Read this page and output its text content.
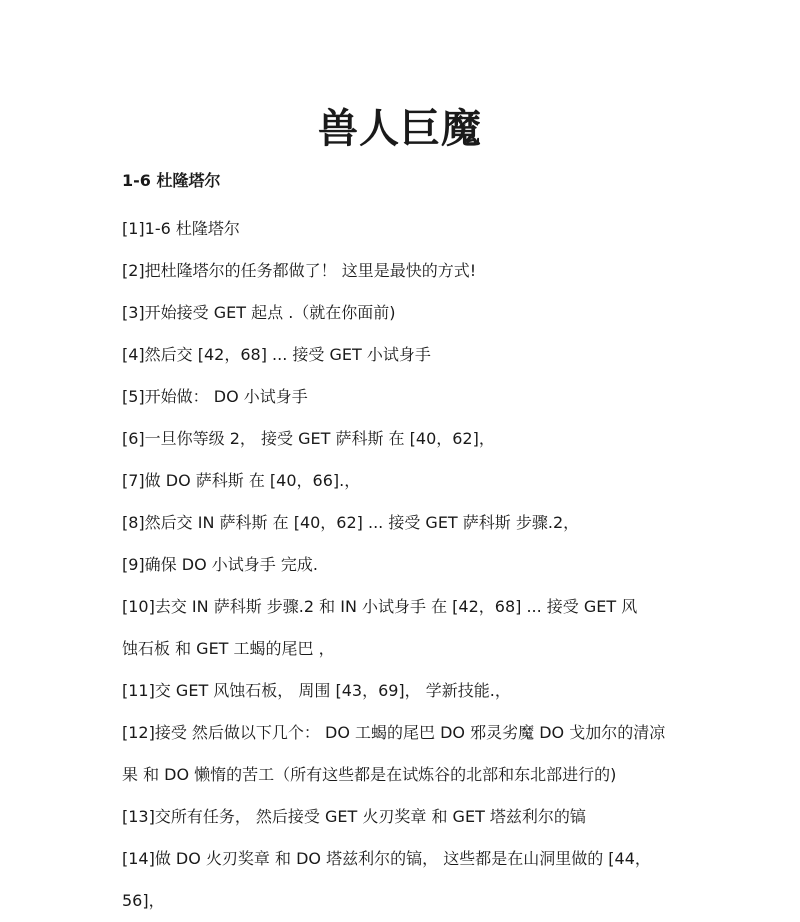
兽人巨魔
1-6 杜隆塔尔
[1]1-6 杜隆塔尔
[2]把杜隆塔尔的任务都做了！ 这里是最快的方式!
[3]开始接受 GET 起点 .（就在你面前)
[4]然后交 [42，68] ... 接受 GET 小试身手
[5]开始做： DO 小试身手
[6]一旦你等级 2， 接受 GET 萨科斯 在 [40，62]，
[7]做 DO 萨科斯 在 [40，66].，
[8]然后交 IN 萨科斯 在 [40，62] ... 接受 GET 萨科斯 步骤.2，
[9]确保 DO 小试身手 完成.
[10]去交 IN 萨科斯 步骤.2 和 IN 小试身手 在 [42，68] ... 接受 GET 风
蚀石板 和 GET 工蝎的尾巴 ，
[11]交 GET 风蚀石板， 周围 [43，69]， 学新技能.，
[12]接受 然后做以下几个： DO 工蝎的尾巴 DO 邪灵劣魔 DO 戈加尔的清凉
果 和 DO 懒惰的苦工（所有这些都是在试炼谷的北部和东北部进行的)
[13]交所有任务， 然后接受 GET 火刃奖章 和 GET 塔兹利尔的镐
[14]做 DO 火刃奖章 和 DO 塔兹利尔的镐， 这些都是在山洞里做的 [44，
56]，
